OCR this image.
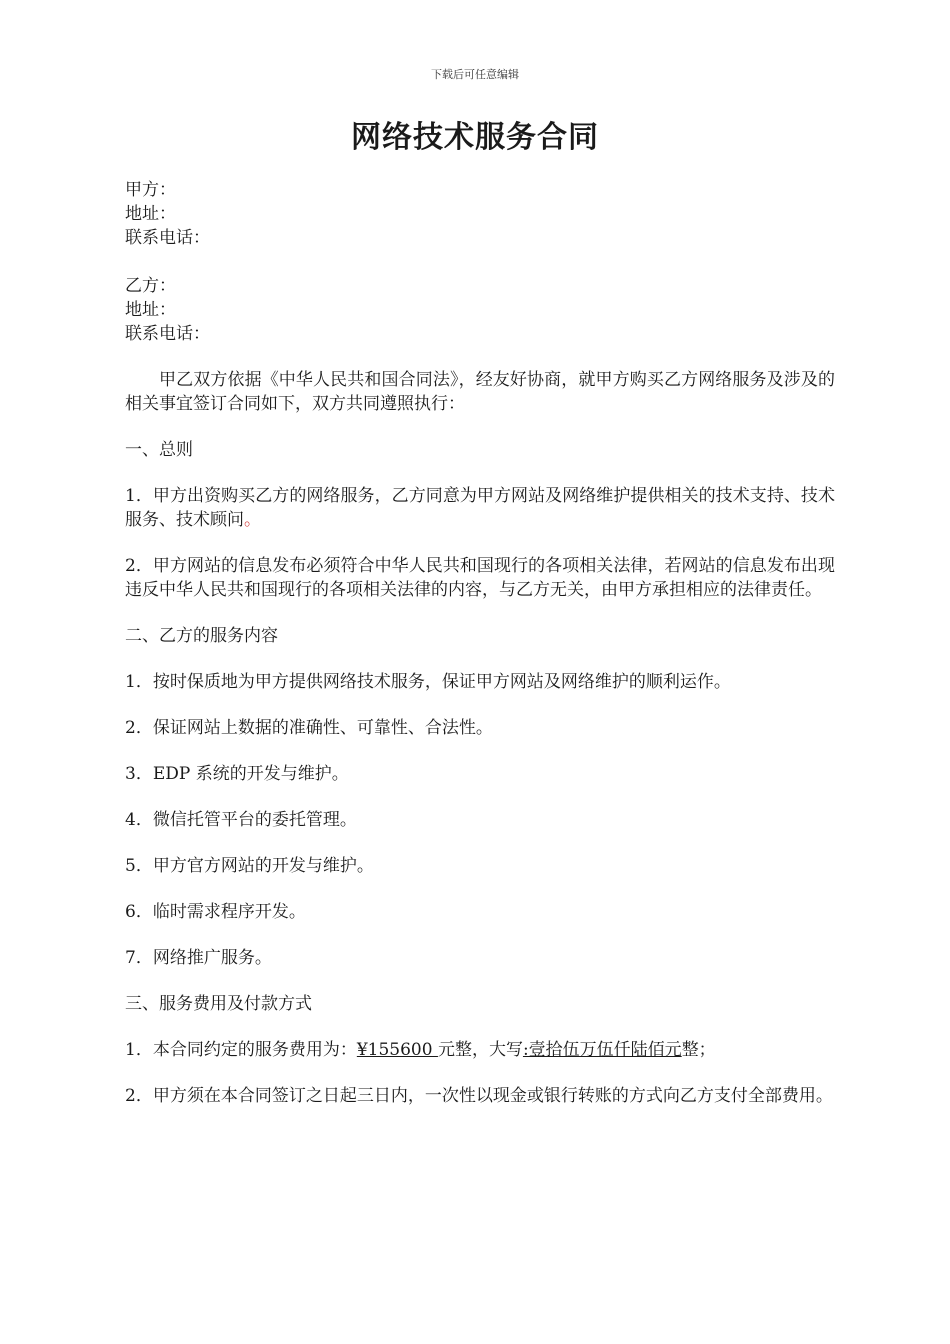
下载后可任意编辑
网络技术服务合同

甲方：

地址：

联系电话：

乙方：

地址：

联系电话：

甲乙双方依据《中华人民共和国合同法》，经友好协商，就甲方购买乙方网络服务及涉及的相关事宜签订合同如下，双方共同遵照执行：

一、总则

1．甲方出资购买乙方的网络服务，乙方同意为甲方网站及网络维护提供相关的技术支持、技术服务、技术顾问。

2．甲方网站的信息发布必须符合中华人民共和国现行的各项相关法律，若网站的信息发布出现违反中华人民共和国现行的各项相关法律的内容，与乙方无关，由甲方承担相应的法律责任。

二、乙方的服务内容

1．按时保质地为甲方提供网络技术服务，保证甲方网站及网络维护的顺利运作。

2．保证网站上数据的准确性、可靠性、合法性。

3．EDP 系统的开发与维护。

4．微信托管平台的委托管理。

5．甲方官方网站的开发与维护。

6．临时需求程序开发。

7．网络推广服务。

三、服务费用及付款方式

1．本合同约定的服务费用为：¥155600 元整，大写:壹拾伍万伍仟陆佰元整；

2．甲方须在本合同签订之日起三日内，一次性以现金或银行转账的方式向乙方支付全部费用。
